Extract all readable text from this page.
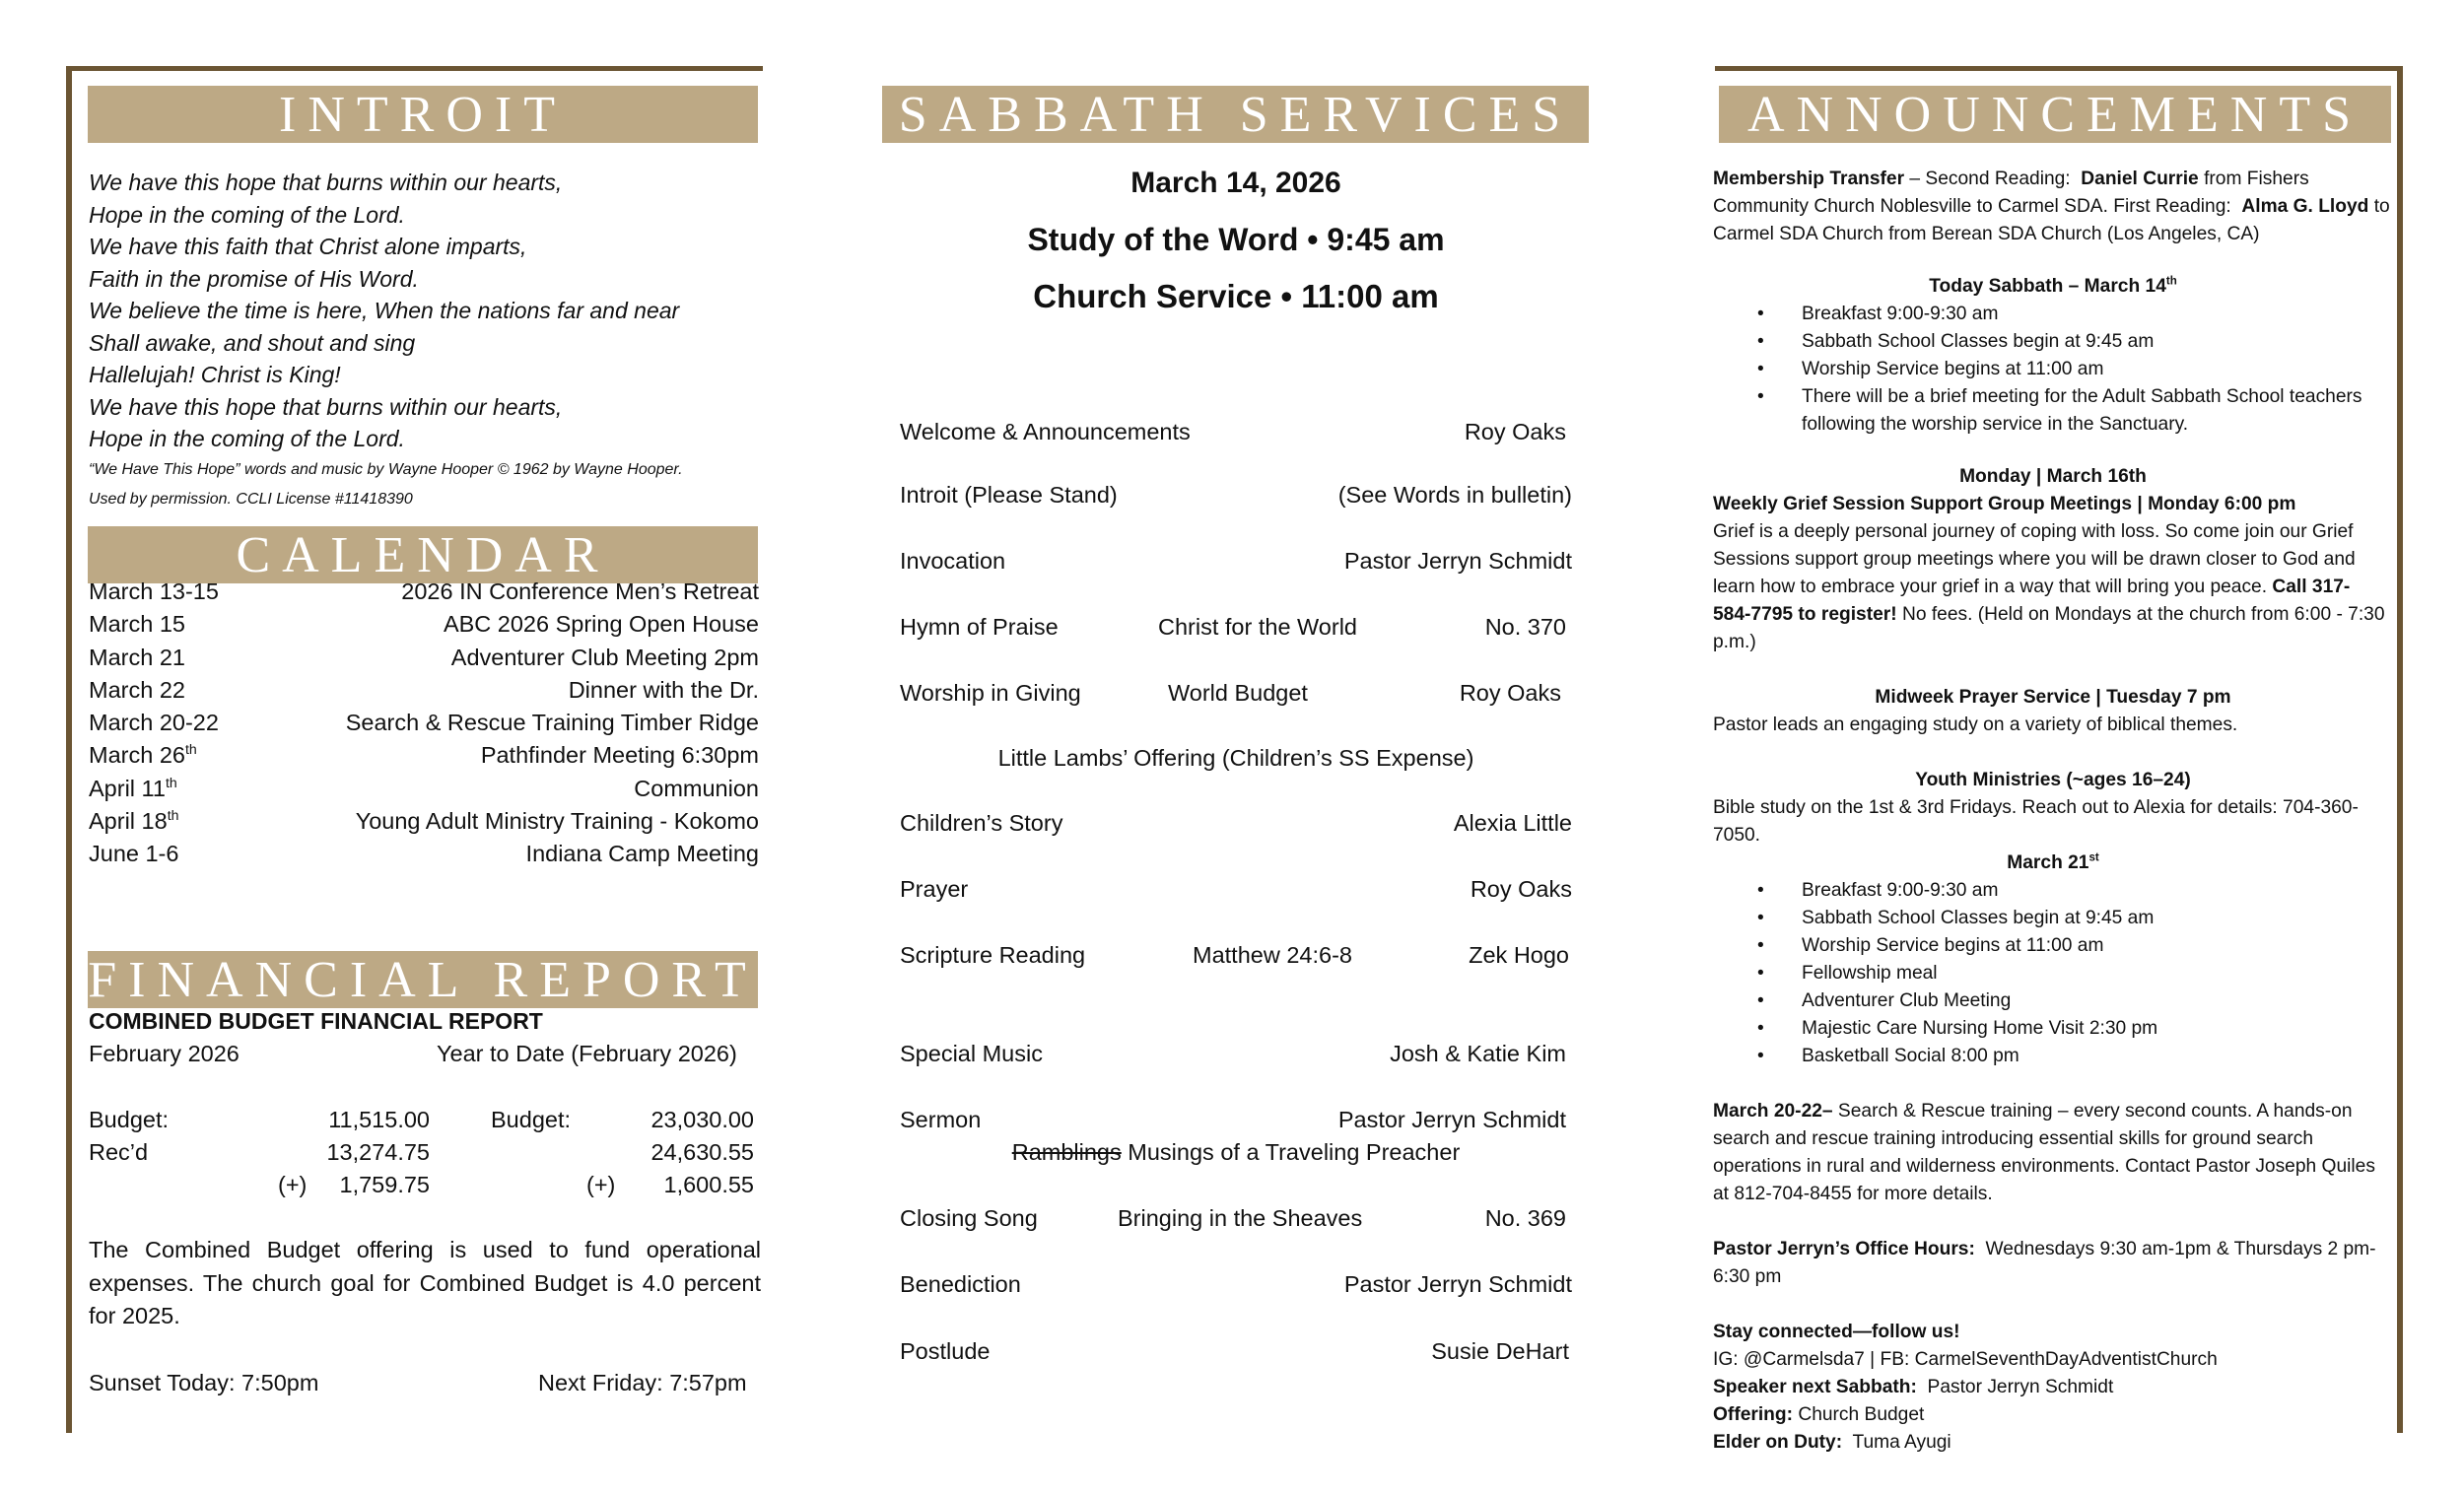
INTROIT

We have this hope that burns within our hearts,

Hope in the coming of the Lord.

We have this faith that Christ alone imparts,

Faith in the promise of His Word.

We believe the time is here, When the nations far and near

Shall awake, and shout and sing

Hallelujah! Christ is King!

We have this hope that burns within our hearts,

Hope in the coming of the Lord.

“We Have This Hope” words and music by Wayne Hooper © 1962 by Wayne Hooper.

Used by permission. CCLI License #11418390

CALENDAR
March 13-15	2026 IN Conference Men’s Retreat
March 15	ABC 2026 Spring Open House
March 21	Adventurer Club Meeting 2pm
March 22	Dinner with the Dr.
March 20-22	Search & Rescue Training Timber Ridge
March 26th	Pathfinder Meeting 6:30pm
April 11th	Communion
April 18th	Young Adult Ministry Training - Kokomo
June 1-6	Indiana Camp Meeting
FINANCIAL REPORT
COMBINED BUDGET FINANCIAL REPORT
February 2026	Year to Date (February 2026)
Budget:	11,515.00	Budget:	23,030.00
Rec’d	13,274.75	24,630.55
(+)	1,759.75	(+)	1,600.55
The Combined Budget offering is used to fund operational expenses. The church goal for Combined Budget is 4.0 percent for 2025.
Sunset Today: 7:50pm	Next Friday: 7:57pm
SABBATH SERVICES
March 14, 2026
Study of the Word • 9:45 am
Church Service • 11:00 am
Welcome & Announcements	Roy Oaks
Introit (Please Stand)	(See Words in bulletin)
Invocation	Pastor Jerryn Schmidt
Hymn of Praise	Christ for the World	No. 370
Worship in Giving	World Budget	Roy Oaks
Little Lambs’ Offering (Children’s SS Expense)
Children’s Story	Alexia Little
Prayer	Roy Oaks
Scripture Reading	Matthew 24:6-8	Zek Hogo
Special Music	Josh & Katie Kim
Sermon	Pastor Jerryn Schmidt
Ramblings Musings of a Traveling Preacher
Closing Song	Bringing in the Sheaves	No. 369
Benediction	Pastor Jerryn Schmidt
Postlude	Susie DeHart
ANNOUNCEMENTS

Membership Transfer – Second Reading:  Daniel Currie from Fishers Community Church Noblesville to Carmel SDA. First Reading:  Alma G. Lloyd to Carmel SDA Church from Berean SDA Church (Los Angeles, CA)

Today Sabbath – March 14th

• Breakfast 9:00-9:30 am
• Sabbath School Classes begin at 9:45 am
• Worship Service begins at 11:00 am
• There will be a brief meeting for the Adult Sabbath School teachers following the worship service in the Sanctuary.

Monday | March 16th

Weekly Grief Session Support Group Meetings | Monday 6:00 pm

Grief is a deeply personal journey of coping with loss. So come join our Grief Sessions support group meetings where you will be drawn closer to God and learn how to embrace your grief in a way that will bring you peace. Call 317- 584-7795 to register! No fees. (Held on Mondays at the church from 6:00 - 7:30 p.m.)

Midweek Prayer Service | Tuesday 7 pm

Pastor leads an engaging study on a variety of biblical themes.

Youth Ministries (~ages 16–24)

Bible study on the 1st & 3rd Fridays. Reach out to Alexia for details: 704-360-7050.

March 21st

• Breakfast 9:00-9:30 am
• Sabbath School Classes begin at 9:45 am
• Worship Service begins at 11:00 am
• Fellowship meal
• Adventurer Club Meeting
• Majestic Care Nursing Home Visit 2:30 pm
• Basketball Social 8:00 pm

March 20-22– Search & Rescue training – every second counts. A hands-on search and rescue training introducing essential skills for ground search operations in rural and wilderness environments. Contact Pastor Joseph Quiles at 812-704-8455 for more details.

Pastor Jerryn’s Office Hours:  Wednesdays 9:30 am-1pm & Thursdays 2 pm-6:30 pm

Stay connected—follow us!

IG: @Carmelsda7 | FB: CarmelSeventhDayAdventistChurch

Speaker next Sabbath:  Pastor Jerryn Schmidt

Offering: Church Budget

Elder on Duty:  Tuma Ayugi
